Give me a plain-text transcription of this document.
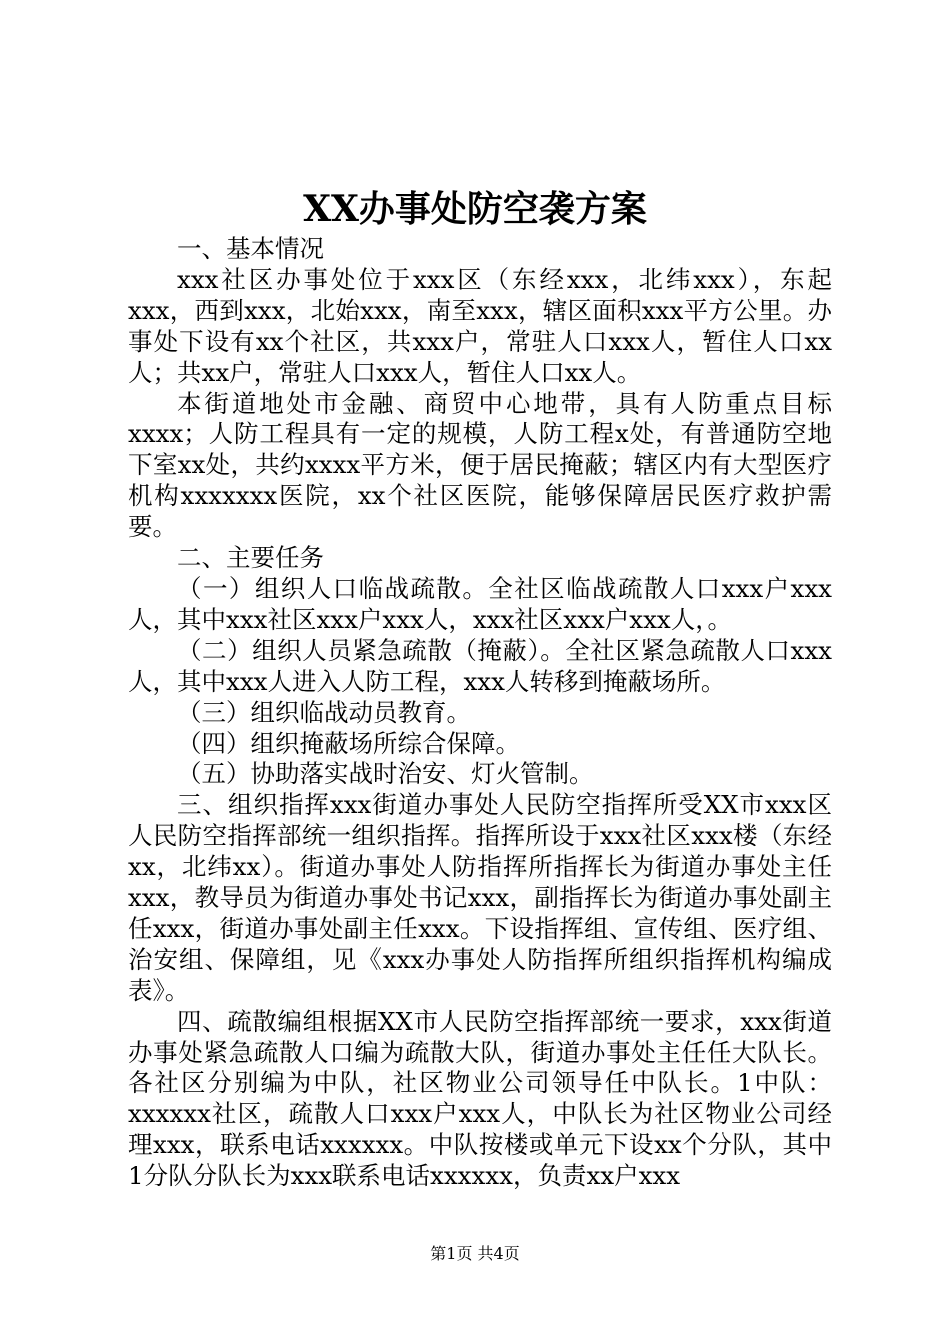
XX办事处防空袭方案

一、基本情况

xxx社区办事处位于xxx区（东经xxx，北纬xxx），东起xxx，西到xxx，北始xxx，南至xxx，辖区面积xxx平方公里。办事处下设有xx个社区，共xxx户，常驻人口xxx人，暂住人口xx人；共xx户，常驻人口xxx人，暂住人口xx人。

本街道地处市金融、商贸中心地带，具有人防重点目标xxxx；人防工程具有一定的规模，人防工程x处，有普通防空地下室xx处，共约xxxx平方米，便于居民掩蔽；辖区内有大型医疗机构xxxxxxx医院，xx个社区医院，能够保障居民医疗救护需要。

二、主要任务

（一）组织人口临战疏散。全社区临战疏散人口xxx户xxx人，其中xxx社区xxx户xxx人，xxx社区xxx户xxx人，。

（二）组织人员紧急疏散（掩蔽）。全社区紧急疏散人口xxx人，其中xxx人进入人防工程，xxx人转移到掩蔽场所。

（三）组织临战动员教育。

（四）组织掩蔽场所综合保障。

（五）协助落实战时治安、灯火管制。

三、组织指挥xxx街道办事处人民防空指挥所受XX市xxx区人民防空指挥部统一组织指挥。指挥所设于xxx社区xxx楼（东经xx，北纬xx）。街道办事处人防指挥所指挥长为街道办事处主任xxx，教导员为街道办事处书记xxx，副指挥长为街道办事处副主任xxx，街道办事处副主任xxx。下设指挥组、宣传组、医疗组、治安组、保障组，见《xxx办事处人防指挥所组织指挥机构编成表》。

四、疏散编组根据XX市人民防空指挥部统一要求，xxx街道办事处紧急疏散人口编为疏散大队，街道办事处主任任大队长。各社区分别编为中队，社区物业公司领导任中队长。1中队：xxxxxx社区，疏散人口xxx户xxx人，中队长为社区物业公司经理xxx，联系电话xxxxxx。中队按楼或单元下设xx个分队，其中1分队分队长为xxx联系电话xxxxxx，负责xx户xxx

第1页 共4页
